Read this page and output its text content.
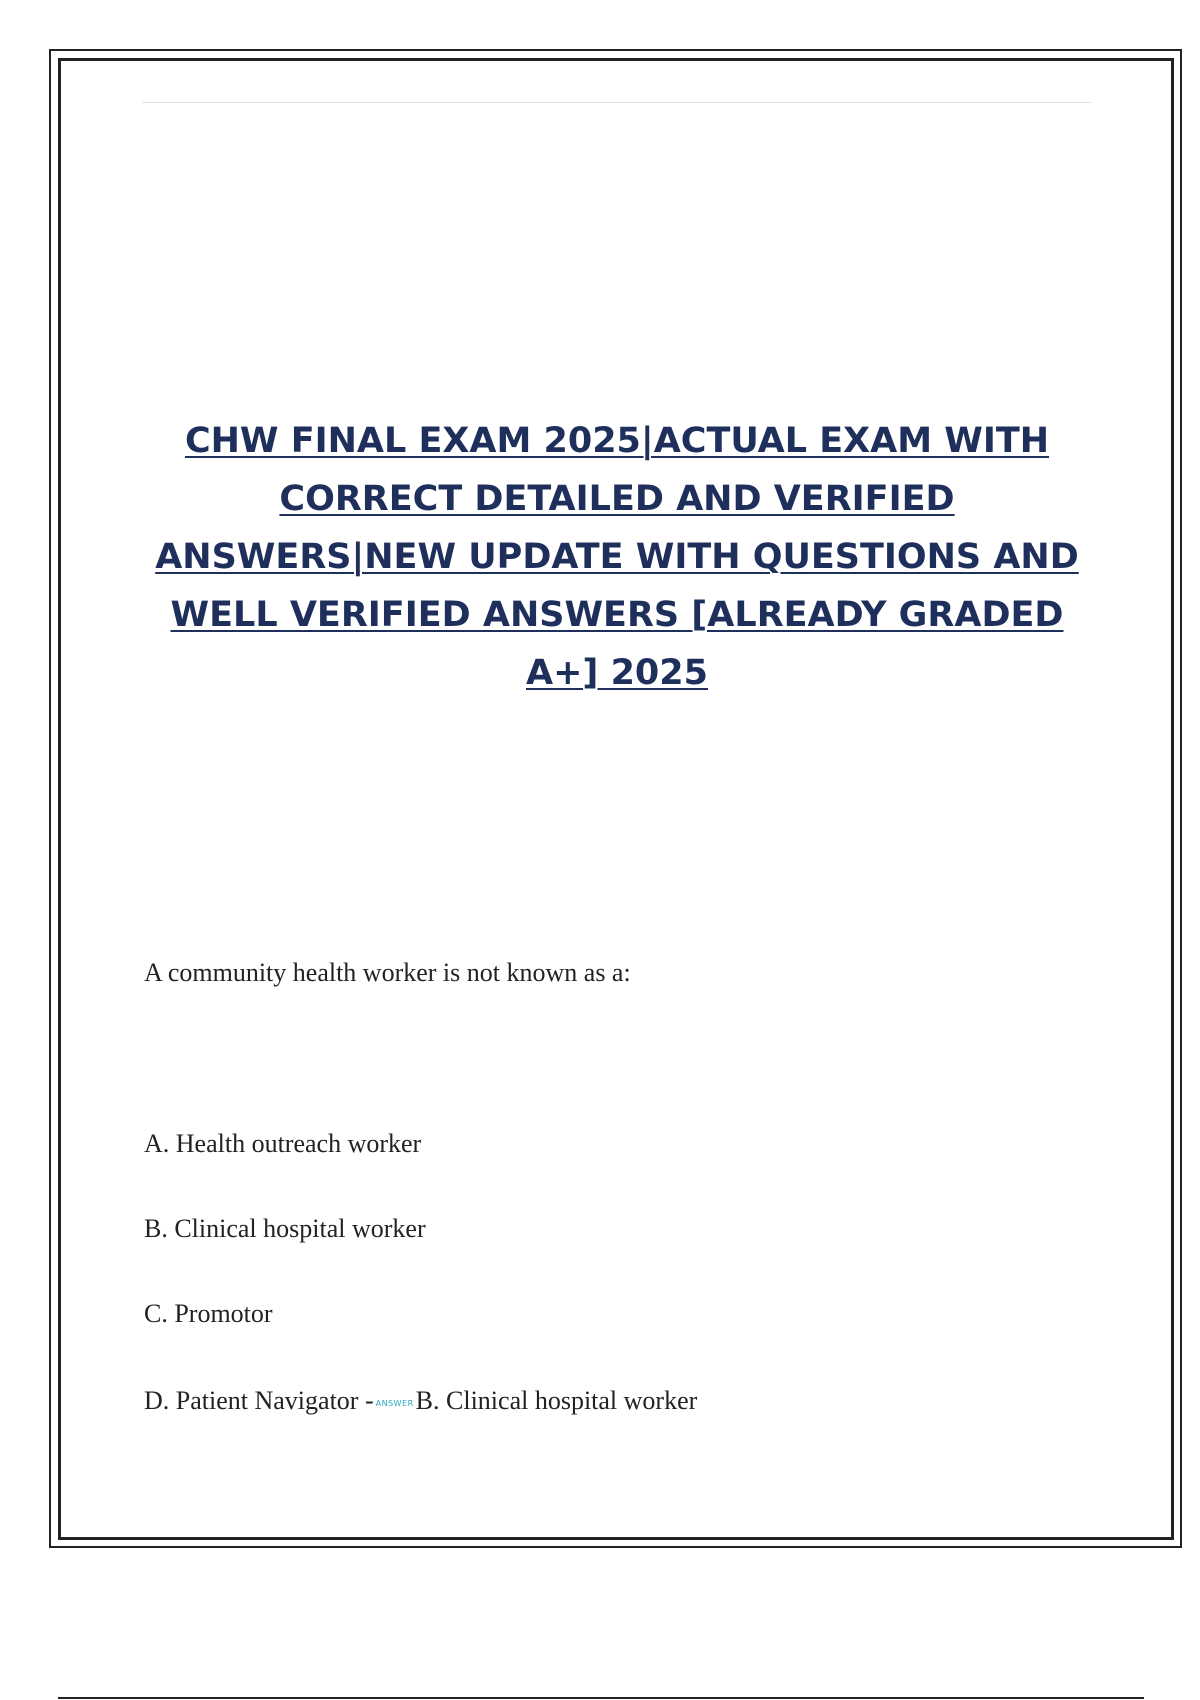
CHW FINAL EXAM 2025|ACTUAL EXAM WITH CORRECT DETAILED AND VERIFIED ANSWERS|NEW UPDATE WITH QUESTIONS AND WELL VERIFIED ANSWERS [ALREADY GRADED A+] 2025

A community health worker is not known as a:

A. Health outreach worker

B. Clinical hospital worker

C. Promotor

D. Patient Navigator - ANSWERB. Clinical hospital worker
